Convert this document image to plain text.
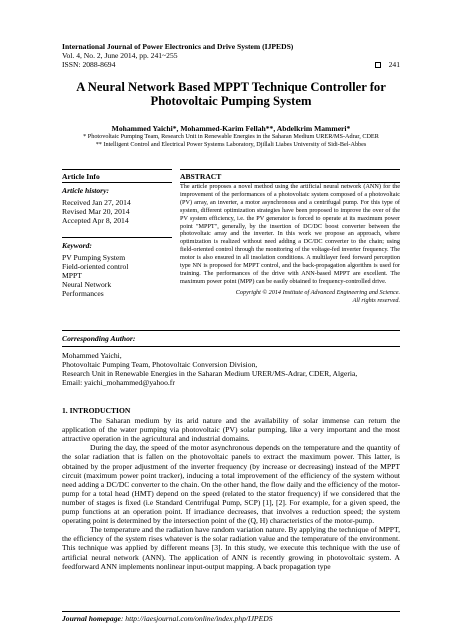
International Journal of Power Electronics and Drive System (IJPEDS)
Vol. 4, No. 2, June 2014, pp. 241~255
ISSN: 2088-8694	241
A Neural Network Based MPPT Technique Controller for
Photovoltaic Pumping System
Mohammed Yaichi*, Mohammed-Karim Fellah**, Abdelkrim Mammeri*
* Photovoltaic Pumping Team, Research Unit in Renewable Energies in the Saharan Medium URER/MS-Adrar, CDER
** Intelligent Control and Electrical Power Systems Laboratory, Djillali Liabes University of Sidi-Bel-Abbes
Article Info
Article history:
Received Jan 27, 2014
Revised Mar 20, 2014
Accepted Apr 8, 2014
Keyword:
PV Pumping System
Field-oriented control
MPPT
Neural Network
Performances
ABSTRACT
The article proposes a novel method using the artificial neural network (ANN) for the improvement of the performances of a photovoltaic system composed of a photovoltaic (PV) array, an inverter, a motor asynchronous and a centrifugal pump. For this type of system, different optimization strategies have been proposed to improve the over of the PV system efficiency, i.e. the PV generator is forced to operate at its maximum power point "MPPT", generally, by the insertion of DC/DC boost converter between the photovoltaic array and the inverter. In this work we propose an approach, where optimization is realized without need adding a DC/DC converter to the chain; using field-oriented control through the monitoring of the voltage-fed inverter frequency. The motor is also ensured in all insolation conditions. A multilayer feed forward perception type NN is proposed for MPPT control, and the back-propagation algorithm is used for training. The performances of the drive with ANN-based MPPT are excellent. The maximum power point (MPP) can be easily obtained to frequency-controlled drive.
Copyright © 2014 Institute of Advanced Engineering and Science.
All rights reserved.
Corresponding Author:
Mohammed Yaichi,
Photovoltaic Pumping Team, Photovoltaic Conversion Division,
Research Unit in Renewable Energies in the Saharan Medium URER/MS-Adrar, CDER, Algeria,
Email: yaichi_mohammed@yahoo.fr
1. INTRODUCTION

The Saharan medium by its arid nature and the availability of solar immense can return the application of the water pumping via photovoltaic (PV) solar pumping, like a very important and the most attractive operation in the agricultural and industrial domains.

During the day, the speed of the motor asynchronous depends on the temperature and the quantity of the solar radiation that is fallen on the photovoltaic panels to extract the maximum power. This latter, is obtained by the proper adjustment of the inverter frequency (by increase or decreasing) instead of the MPPT circuit (maximum power point tracker), inducing a total improvement of the efficiency of the system without need adding a DC/DC converter to the chain. On the other hand, the flow daily and the efficiency of the motor-pump for a total head (HMT) depend on the speed (related to the stator frequency) if we considered that the number of stages is fixed (i.e Standard Centrifugal Pump, SCP) [1], [2]. For example, for a given speed, the pump functions at an operation point. If irradiance decreases, that involves a reduction speed; the system operating point is determined by the intersection point of the (Q, H) characteristics of the motor-pump.

The temperature and the radiation have random variation nature. By applying the technique of MPPT, the efficiency of the system rises whatever is the solar radiation value and the temperature of the environment. This technique was applied by different means [3]. In this study, we execute this technique with the use of artificial neural network (ANN). The application of ANN is recently growing in photovoltaic system. A feedforward ANN implements nonlinear input-output mapping. A back propagation type

Journal homepage: http://iaesjournal.com/online/index.php/IJPEDS
